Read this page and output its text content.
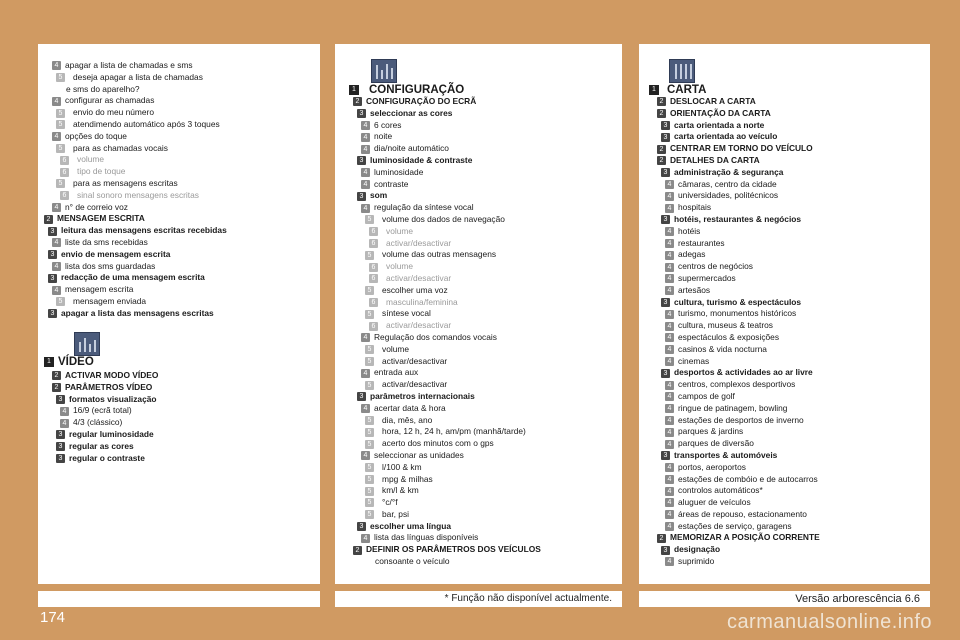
4 apagar a lista de chamadas e sms
5	deseja apagar a lista de chamadas
e sms do aparelho?
4 configurar as chamadas
5	envio do meu número
5	atendimendo automático após 3 toques
4 opções do toque
5	para as chamadas vocais
6	volume
6	tipo de toque
5	para as mensagens escritas
6	sinal sonoro mensagens escritas
4 n° de correio voz
2 MENSAGEM ESCRITA
3 leitura das mensagens escritas recebidas
4 liste da sms recebidas
3 envio de mensagem escrita
4 lista dos sms guardadas
3 redacção de uma mensagem escrita
4 mensagem escrita
5	mensagem enviada
3 apagar a lista das mensagens escritas
1 VÍDEO
2 ACTIVAR MODO VÍDEO
2 PARÂMETROS VÍDEO
3 formatos visualização
4 16/9 (ecrã total)
4 4/3 (clássico)
3 regular luminosidade
3 regular as cores
3 regular o contraste
1 CONFIGURAÇÃO
2 CONFIGURAÇÃO DO ECRÃ
3 seleccionar as cores
4 6 cores
4 noite
4 dia/noite automático
3 luminosidade & contraste
4 luminosidade
4 contraste
3 som
4 regulação da síntese vocal
5	volume dos dados de navegação
6	volume
6	activar/desactivar
5	volume das outras mensagens
6	volume
6	activar/desactivar
5	escolher uma voz
6	masculina/feminina
5	síntese vocal
6	activar/desactivar
4 Regulação dos comandos vocais
5	volume
5	activar/desactivar
4 entrada aux
5	activar/desactivar
3 parâmetros internacionais
4 acertar data & hora
5	dia, mês, ano
5	hora, 12 h, 24 h, am/pm (manhã/tarde)
5	acerto dos minutos com o gps
4 seleccionar as unidades
5	l/100 & km
5	mpg & milhas
5	km/l & km
5	°c/°f
5	bar, psi
3 escolher uma língua
4 lista das línguas disponíveis
2 DEFINIR OS PARÂMETROS DOS VEÍCULOS
consoante o veículo
1 CARTA
2 DESLOCAR A CARTA
2 ORIENTAÇÃO DA CARTA
3 carta orientada a norte
3 carta orientada ao veículo
2 CENTRAR EM TORNO DO VEÍCULO
2 DETALHES DA CARTA
3 administração & segurança
4 câmaras, centro da cidade
4 universidades, politécnicos
4 hospitais
3 hotéis, restaurantes & negócios
4 hotéis
4 restaurantes
4 adegas
4 centros de negócios
4 supermercados
4 artesãos
3 cultura, turismo & espectáculos
4 turismo, monumentos históricos
4 cultura, museus & teatros
4 espectáculos & exposições
4 casinos & vida nocturna
4 cinemas
3 desportos & actividades ao ar livre
4 centros, complexos desportivos
4 campos de golf
4 ringue de patinagem, bowling
4 estações de desportos de inverno
4 parques & jardins
4 parques de diversão
3 transportes & automóveis
4 portos, aeroportos
4 estações de combóio e de autocarros
4 controlos automáticos*
4 aluguer de veículos
4 áreas de repouso, estacionamento
4 estações de serviço, garagens
2 MEMORIZAR A POSIÇÃO CORRENTE
3 designação
4 suprimido
* Função não disponível actualmente.	Versão arborescência 6.6
174	carmanualsonline.info
